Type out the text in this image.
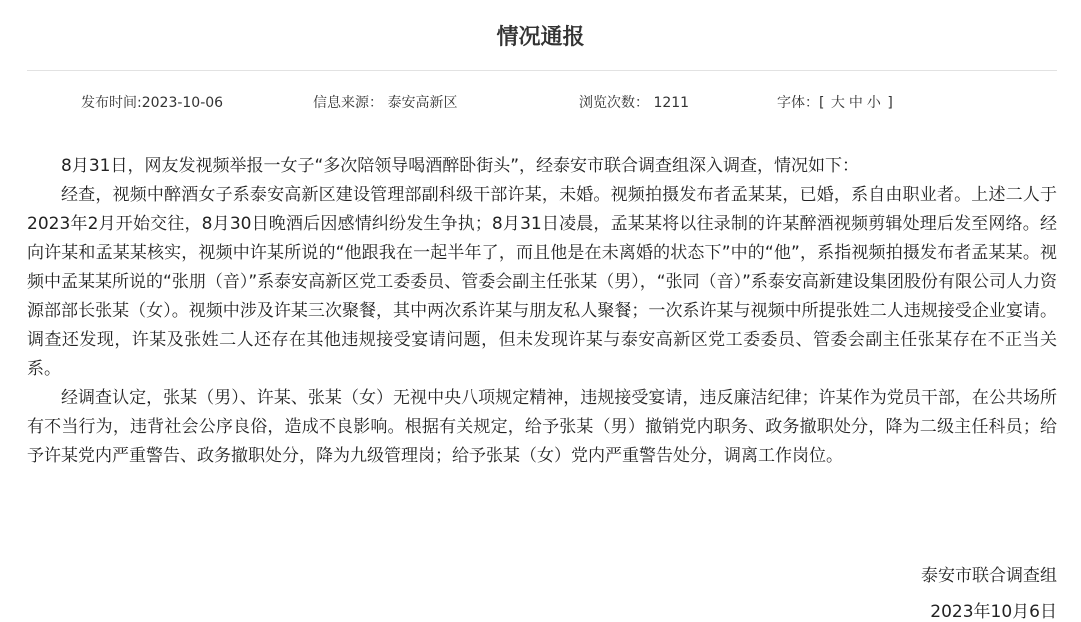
情况通报
发布时间:2023-10-06	信息来源： 泰安高新区	浏览次数： 1211	字体：[ 大 中 小 ]

8月31日，网友发视频举报一女子“多次陪领导喝酒醉卧街头”，经泰安市联合调查组深入调查，情况如下：

经查，视频中醉酒女子系泰安高新区建设管理部副科级干部许某，未婚。视频拍摄发布者孟某某，已婚，系自由职业者。上述二人于2023年2月开始交往，8月30日晚酒后因感情纠纷发生争执；8月31日凌晨，孟某某将以往录制的许某醉酒视频剪辑处理后发至网络。经向许某和孟某某核实，视频中许某所说的“他跟我在一起半年了，而且他是在未离婚的状态下”中的“他”，系指视频拍摄发布者孟某某。视频中孟某某所说的“张朋（音）”系泰安高新区党工委委员、管委会副主任张某（男），“张同（音）”系泰安高新建设集团股份有限公司人力资源部部长张某（女）。视频中涉及许某三次聚餐，其中两次系许某与朋友私人聚餐；一次系许某与视频中所提张姓二人违规接受企业宴请。调查还发现，许某及张姓二人还存在其他违规接受宴请问题，但未发现许某与泰安高新区党工委委员、管委会副主任张某存在不正当关系。

经调查认定，张某（男）、许某、张某（女）无视中央八项规定精神，违规接受宴请，违反廉洁纪律；许某作为党员干部，在公共场所有不当行为，违背社会公序良俗，造成不良影响。根据有关规定，给予张某（男）撤销党内职务、政务撤职处分，降为二级主任科员；给予许某党内严重警告、政务撤职处分，降为九级管理岗；给予张某（女）党内严重警告处分，调离工作岗位。

泰安市联合调查组
2023年10月6日
